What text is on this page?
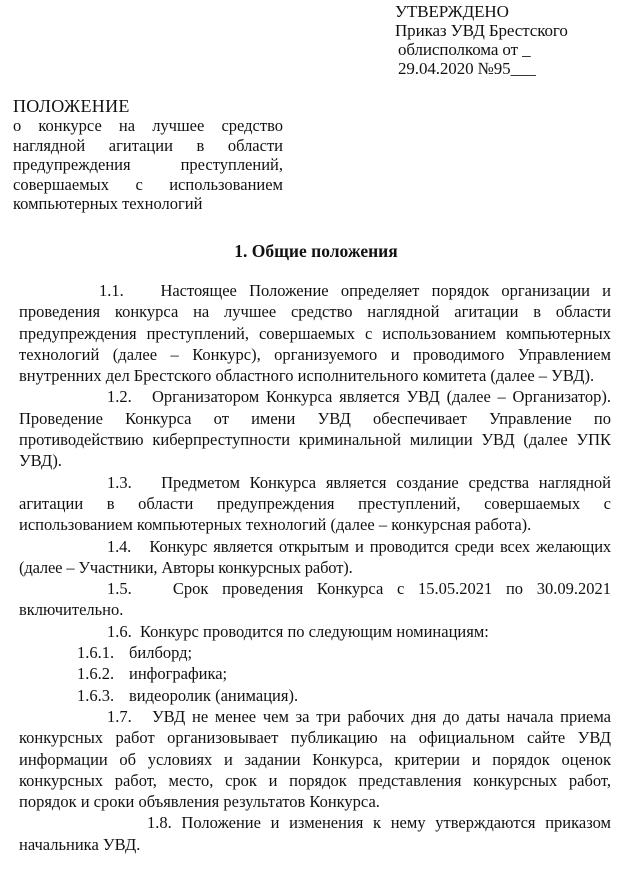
УТВЕРЖДЕНО
Приказ УВД Брестского
облисполкома от _
29.04.2020 №95___
ПОЛОЖЕНИЕ
о конкурсе на лучшее средство
наглядной агитации в области
предупреждения преступлений,
совершаемых с использованием
компьютерных технологий
1. Общие положения
1.1. Настоящее Положение определяет порядок организации и проведения конкурса на лучшее средство наглядной агитации в области предупреждения преступлений, совершаемых с использованием компьютерных технологий (далее – Конкурс), организуемого и проводимого Управлением внутренних дел Брестского областного исполнительного комитета (далее – УВД).
1.2. Организатором Конкурса является УВД (далее – Организатор). Проведение Конкурса от имени УВД обеспечивает Управление по противодействию киберпреступности криминальной милиции УВД (далее УПК УВД).
1.3. Предметом Конкурса является создание средства наглядной агитации в области предупреждения преступлений, совершаемых с использованием компьютерных технологий (далее – конкурсная работа).
1.4. Конкурс является открытым и проводится среди всех желающих (далее – Участники, Авторы конкурсных работ).
1.5. Срок проведения Конкурса с 15.05.2021 по 30.09.2021 включительно.
1.6. Конкурс проводится по следующим номинациям:
1.6.1. билборд;
1.6.2. инфографика;
1.6.3. видеоролик (анимация).
1.7. УВД не менее чем за три рабочих дня до даты начала приема конкурсных работ организовывает публикацию на официальном сайте УВД информации об условиях и задании Конкурса, критерии и порядок оценок конкурсных работ, место, срок и порядок представления конкурсных работ, порядок и сроки объявления результатов Конкурса.
1.8. Положение и изменения к нему утверждаются приказом начальника УВД.
